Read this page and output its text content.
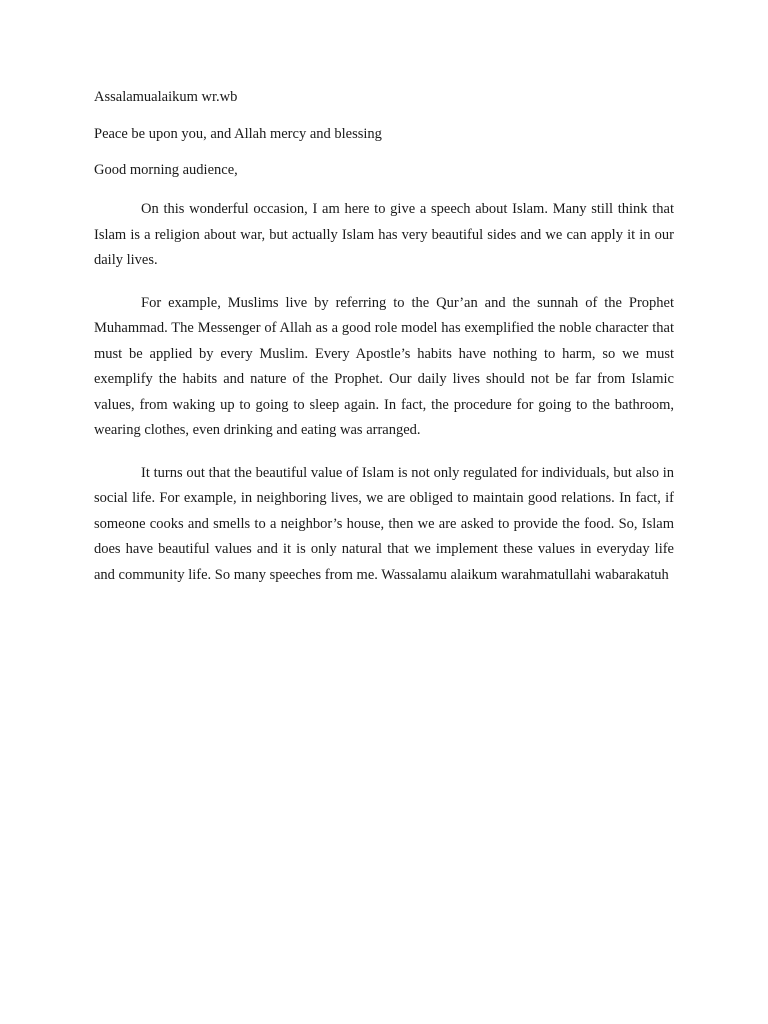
Assalamualaikum wr.wb

Peace be upon you, and Allah mercy and blessing

Good morning audience,

On this wonderful occasion, I am here to give a speech about Islam. Many still think that Islam is a religion about war, but actually Islam has very beautiful sides and we can apply it in our daily lives.

For example, Muslims live by referring to the Qur’an and the sunnah of the Prophet Muhammad. The Messenger of Allah as a good role model has exemplified the noble character that must be applied by every Muslim. Every Apostle’s habits have nothing to harm, so we must exemplify the habits and nature of the Prophet. Our daily lives should not be far from Islamic values, from waking up to going to sleep again. In fact, the procedure for going to the bathroom, wearing clothes, even drinking and eating was arranged.

It turns out that the beautiful value of Islam is not only regulated for individuals, but also in social life. For example, in neighboring lives, we are obliged to maintain good relations. In fact, if someone cooks and smells to a neighbor’s house, then we are asked to provide the food. So, Islam does have beautiful values and it is only natural that we implement these values in everyday life and community life. So many speeches from me. Wassalamu alaikum warahmatullahi wabarakatuh
